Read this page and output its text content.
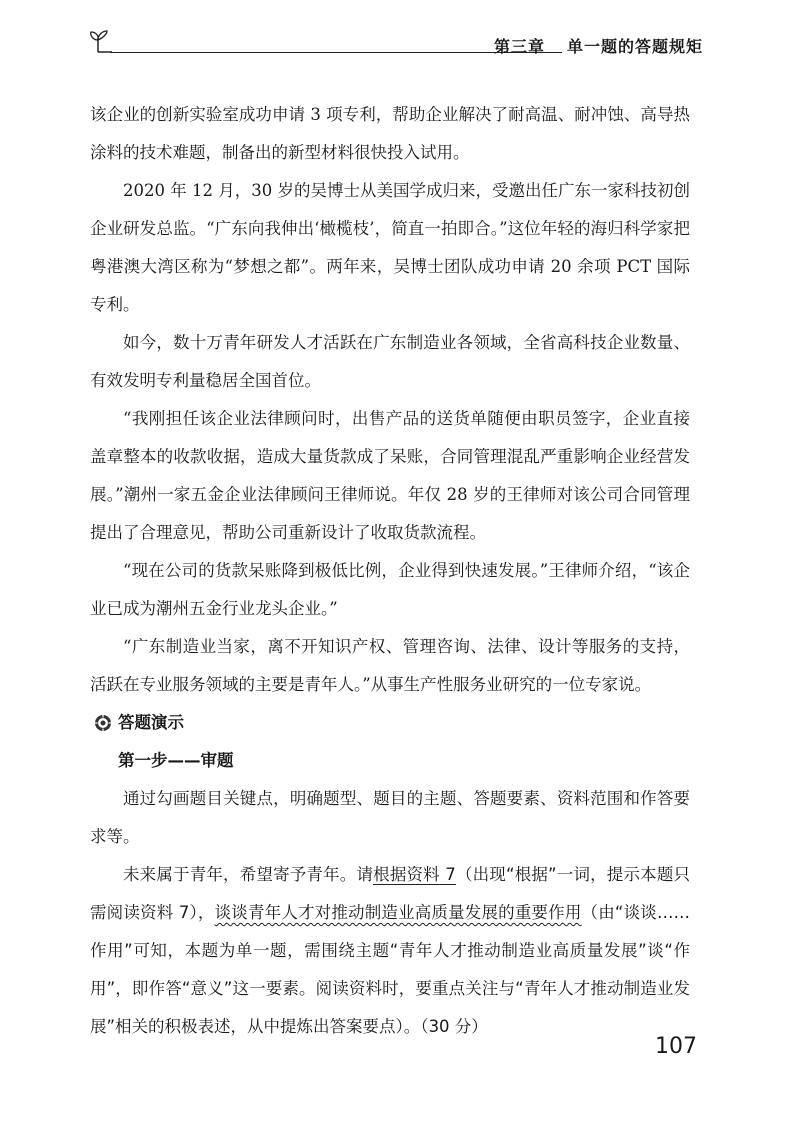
第三章 单一题的答题规矩

该企业的创新实验室成功申请 3 项专利，帮助企业解决了耐高温、耐冲蚀、高导热涂料的技术难题，制备出的新型材料很快投入试用。

2020 年 12 月，30 岁的吴博士从美国学成归来，受邀出任广东一家科技初创企业研发总监。“广东向我伸出‘橄榄枝’，简直一拍即合。”这位年轻的海归科学家把粤港澳大湾区称为“梦想之都”。两年来，吴博士团队成功申请 20 余项 PCT 国际专利。

如今，数十万青年研发人才活跃在广东制造业各领域，全省高科技企业数量、有效发明专利量稳居全国首位。

“我刚担任该企业法律顾问时，出售产品的送货单随便由职员签字，企业直接盖章整本的收款收据，造成大量货款成了呆账，合同管理混乱严重影响企业经营发展。”潮州一家五金企业法律顾问王律师说。年仅 28 岁的王律师对该公司合同管理提出了合理意见，帮助公司重新设计了收取货款流程。

“现在公司的货款呆账降到极低比例，企业得到快速发展。”王律师介绍，“该企业已成为潮州五金行业龙头企业。”

“广东制造业当家，离不开知识产权、管理咨询、法律、设计等服务的支持，活跃在专业服务领域的主要是青年人。”从事生产性服务业研究的一位专家说。

答题演示
第一步——审题

通过勾画题目关键点，明确题型、题目的主题、答题要素、资料范围和作答要求等。

未来属于青年，希望寄予青年。请根据资料 7（出现“根据”一词，提示本题只需阅读资料 7），谈谈青年人才对推动制造业高质量发展的重要作用（由“谈谈……作用”可知，本题为单一题，需围绕主题“青年人才推动制造业高质量发展”谈“作用”，即作答“意义”这一要素。阅读资料时，要重点关注与“青年人才推动制造业发展”相关的积极表述，从中提炼出答案要点）。（30 分）

107
